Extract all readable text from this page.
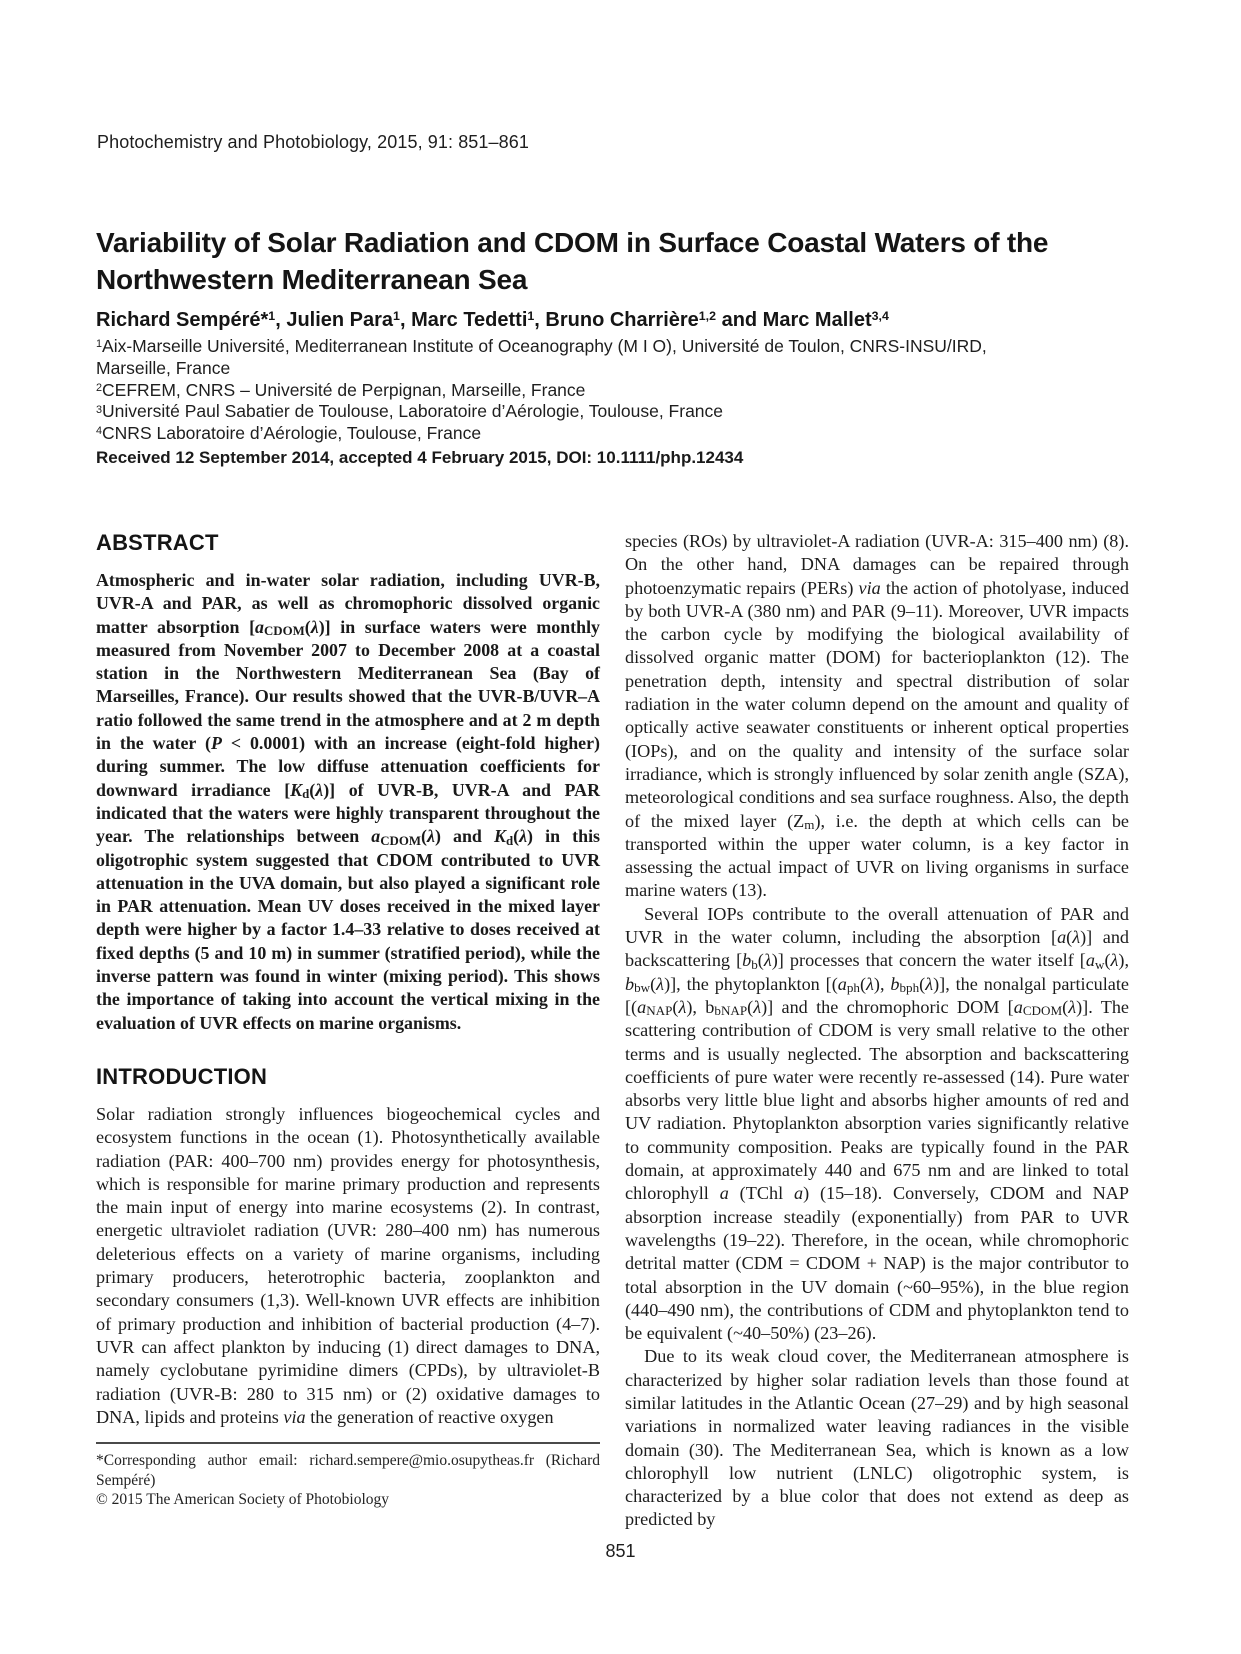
Photochemistry and Photobiology, 2015, 91: 851–861
Variability of Solar Radiation and CDOM in Surface Coastal Waters of the Northwestern Mediterranean Sea
Richard Sempéré*$^1$, Julien Para$^1$, Marc Tedetti$^1$, Bruno Charrière$^{1,2}$ and Marc Mallet$^{3,4}$
$^1$Aix-Marseille Université, Mediterranean Institute of Oceanography (M I O), Université de Toulon, CNRS-INSU/IRD, Marseille, France
$^2$CEFREM, CNRS – Université de Perpignan, Marseille, France
$^3$Université Paul Sabatier de Toulouse, Laboratoire d’Aérologie, Toulouse, France
$^4$CNRS Laboratoire d’Aérologie, Toulouse, France
Received 12 September 2014, accepted 4 February 2015, DOI: 10.1111/php.12434
ABSTRACT

Atmospheric and in-water solar radiation, including UVR-B, UVR-A and PAR, as well as chromophoric dissolved organic matter absorption $[a_{CDOM}(\lambda)]$ in surface waters were monthly measured from November 2007 to December 2008 at a coastal station in the Northwestern Mediterranean Sea (Bay of Marseilles, France). Our results showed that the UVR-B/UVR–A ratio followed the same trend in the atmosphere and at 2 m depth in the water (P < 0.0001) with an increase (eight-fold higher) during summer. The low diffuse attenuation coefficients for downward irradiance $[K_d(\lambda)]$ of UVR-B, UVR-A and PAR indicated that the waters were highly transparent throughout the year. The relationships between $a_{CDOM}(\lambda)$ and $K_d(\lambda)$ in this oligotrophic system suggested that CDOM contributed to UVR attenuation in the UVA domain, but also played a significant role in PAR attenuation. Mean UV doses received in the mixed layer depth were higher by a factor 1.4–33 relative to doses received at fixed depths (5 and 10 m) in summer (stratified period), while the inverse pattern was found in winter (mixing period). This shows the importance of taking into account the vertical mixing in the evaluation of UVR effects on marine organisms.

INTRODUCTION

Solar radiation strongly influences biogeochemical cycles and ecosystem functions in the ocean (1). Photosynthetically available radiation (PAR: 400–700 nm) provides energy for photosynthesis, which is responsible for marine primary production and represents the main input of energy into marine ecosystems (2). In contrast, energetic ultraviolet radiation (UVR: 280–400 nm) has numerous deleterious effects on a variety of marine organisms, including primary producers, heterotrophic bacteria, zooplankton and secondary consumers (1,3). Well-known UVR effects are inhibition of primary production and inhibition of bacterial production (4–7). UVR can affect plankton by inducing (1) direct damages to DNA, namely cyclobutane pyrimidine dimers (CPDs), by ultraviolet-B radiation (UVR-B: 280 to 315 nm) or (2) oxidative damages to DNA, lipids and proteins via the generation of reactive oxygen

*Corresponding author email: richard.sempere@mio.osupytheas.fr (Richard Sempéré)

© 2015 The American Society of Photobiology

species (ROs) by ultraviolet-A radiation (UVR-A: 315–400 nm) (8). On the other hand, DNA damages can be repaired through photoenzymatic repairs (PERs) via the action of photolyase, induced by both UVR-A (380 nm) and PAR (9–11). Moreover, UVR impacts the carbon cycle by modifying the biological availability of dissolved organic matter (DOM) for bacterioplankton (12). The penetration depth, intensity and spectral distribution of solar radiation in the water column depend on the amount and quality of optically active seawater constituents or inherent optical properties (IOPs), and on the quality and intensity of the surface solar irradiance, which is strongly influenced by solar zenith angle (SZA), meteorological conditions and sea surface roughness. Also, the depth of the mixed layer $(Z_m)$, i.e. the depth at which cells can be transported within the upper water column, is a key factor in assessing the actual impact of UVR on living organisms in surface marine waters (13).

Several IOPs contribute to the overall attenuation of PAR and UVR in the water column, including the absorption [a(λ)] and backscattering $[b_b(\lambda)]$ processes that concern the water itself [$a_w(\lambda)$, $b_{bw}(\lambda)$], the phytoplankton [($a_{ph}(\lambda)$, $b_{bph}(\lambda)$], the nonalgal particulate [($a_{NAP}(\lambda)$, $b_{bNAP}(\lambda)$] and the chromophoric DOM $[a_{CDOM}(\lambda)]$. The scattering contribution of CDOM is very small relative to the other terms and is usually neglected. The absorption and backscattering coefficients of pure water were recently re-assessed (14). Pure water absorbs very little blue light and absorbs higher amounts of red and UV radiation. Phytoplankton absorption varies significantly relative to community composition. Peaks are typically found in the PAR domain, at approximately 440 and 675 nm and are linked to total chlorophyll a (TChl a) (15–18). Conversely, CDOM and NAP absorption increase steadily (exponentially) from PAR to UVR wavelengths (19–22). Therefore, in the ocean, while chromophoric detrital matter (CDM = CDOM + NAP) is the major contributor to total absorption in the UV domain (~60–95%), in the blue region (440–490 nm), the contributions of CDM and phytoplankton tend to be equivalent (~40–50%) (23–26).

Due to its weak cloud cover, the Mediterranean atmosphere is characterized by higher solar radiation levels than those found at similar latitudes in the Atlantic Ocean (27–29) and by high seasonal variations in normalized water leaving radiances in the visible domain (30). The Mediterranean Sea, which is known as a low chlorophyll low nutrient (LNLC) oligotrophic system, is characterized by a blue color that does not extend as deep as predicted by

851
